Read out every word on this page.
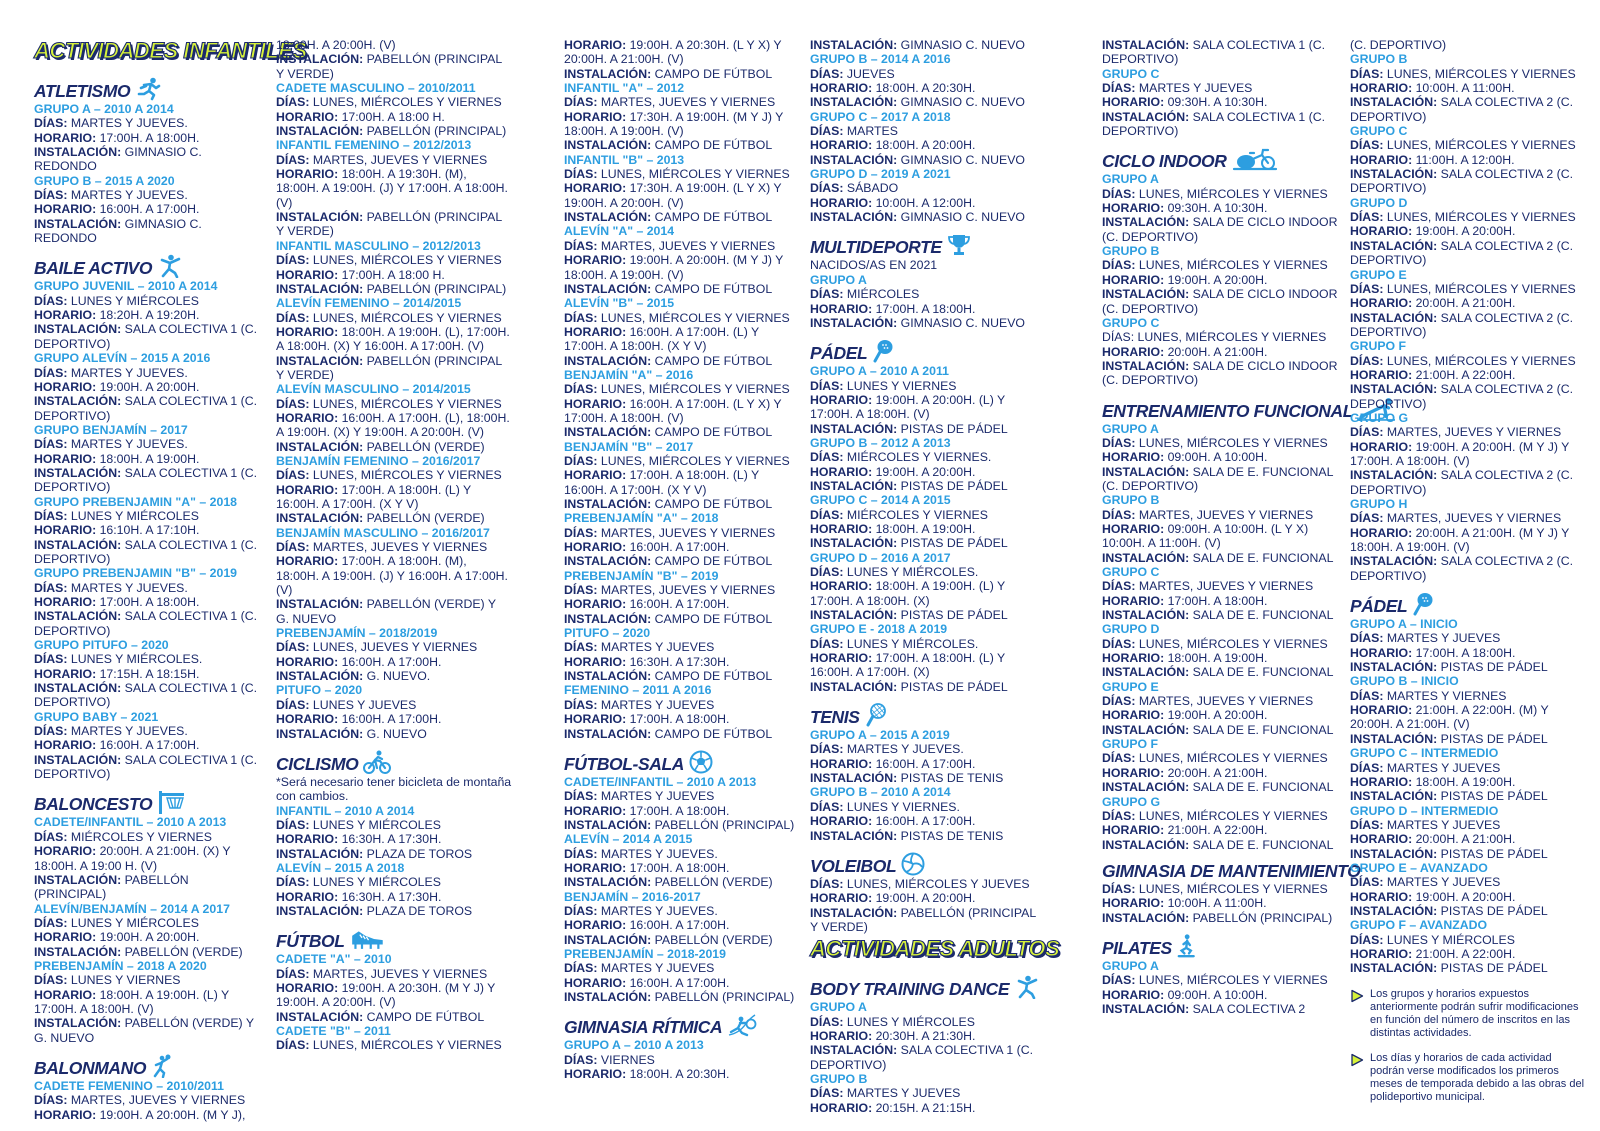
ACTIVIDADES INFANTILES
ATLETISMO
GRUPO A – 2010 A 2014
DÍAS: MARTES Y JUEVES.
HORARIO: 17:00H. A 18:00H.
INSTALACIÓN: GIMNASIO C. REDONDO
GRUPO B – 2015 A 2020
DÍAS: MARTES Y JUEVES.
HORARIO: 16:00H. A 17:00H.
INSTALACIÓN: GIMNASIO C. REDONDO
BAILE ACTIVO
GRUPO JUVENIL – 2010 A 2014
DÍAS: LUNES Y MIÉRCOLES
HORARIO: 18:20H. A 19:20H.
INSTALACIÓN: SALA COLECTIVA 1 (C. DEPORTIVO)
GRUPO ALEVÍN – 2015 A 2016
DÍAS: MARTES Y JUEVES.
HORARIO: 19:00H. A 20:00H.
INSTALACIÓN: SALA COLECTIVA 1 (C. DEPORTIVO)
GRUPO BENJAMÍN – 2017
DÍAS: MARTES Y JUEVES.
HORARIO: 18:00H. A 19:00H.
INSTALACIÓN: SALA COLECTIVA 1 (C. DEPORTIVO)
GRUPO PREBENJAMIN "A" – 2018
DÍAS: LUNES Y MIÉRCOLES
HORARIO: 16:10H. A 17:10H.
INSTALACIÓN: SALA COLECTIVA 1 (C. DEPORTIVO)
GRUPO PREBENJAMIN "B" – 2019
DÍAS: MARTES Y JUEVES.
HORARIO: 17:00H. A 18:00H.
INSTALACIÓN: SALA COLECTIVA 1 (C. DEPORTIVO)
GRUPO PITUFO – 2020
DÍAS: LUNES Y MIÉRCOLES.
HORARIO: 17:15H. A 18:15H.
INSTALACIÓN: SALA COLECTIVA 1 (C. DEPORTIVO)
GRUPO BABY – 2021
DÍAS: MARTES Y JUEVES.
HORARIO: 16:00H. A 17:00H.
INSTALACIÓN: SALA COLECTIVA 1 (C. DEPORTIVO)
BALONCESTO
CADETE/INFANTIL – 2010 A 2013
DÍAS: MIÉRCOLES Y VIERNES
HORARIO: 20:00H. A 21:00H. (X) Y 18:00H. A 19:00 H. (V)
INSTALACIÓN: PABELLÓN (PRINCIPAL)
ALEVÍN/BENJAMÍN – 2014 A 2017
DÍAS: LUNES Y MIÉRCOLES
HORARIO: 19:00H. A 20:00H.
INSTALACIÓN: PABELLÓN (VERDE)
PREBENJAMÍN – 2018 A 2020
DÍAS: LUNES Y VIERNES
HORARIO: 18:00H. A 19:00H. (L) Y 17:00H. A 18:00H. (V)
INSTALACIÓN: PABELLÓN (VERDE) Y G. NUEVO
BALONMANO
CADETE FEMENINO – 2010/2011
DÍAS: MARTES, JUEVES Y VIERNES
HORARIO: 19:00H. A 20:00H. (M Y J),
18:00H. A 20:00H. (V)
INSTALACIÓN: PABELLÓN (PRINCIPAL Y VERDE)
CADETE MASCULINO – 2010/2011
DÍAS: LUNES, MIÉRCOLES Y VIERNES
HORARIO: 17:00H. A 18:00 H.
INSTALACIÓN: PABELLÓN (PRINCIPAL)
INFANTIL FEMENINO – 2012/2013
DÍAS: MARTES, JUEVES Y VIERNES
HORARIO: 18:00H. A 19:30H. (M), 18:00H. A 19:00H. (J) Y 17:00H. A 18:00H. (V)
INSTALACIÓN: PABELLÓN (PRINCIPAL Y VERDE)
INFANTIL MASCULINO – 2012/2013
DÍAS: LUNES, MIÉRCOLES Y VIERNES
HORARIO: 17:00H. A 18:00 H.
INSTALACIÓN: PABELLÓN (PRINCIPAL)
ALEVÍN FEMENINO – 2014/2015
DÍAS: LUNES, MIÉRCOLES Y VIERNES
HORARIO: 18:00H. A 19:00H. (L), 17:00H. A 18:00H. (X) Y 16:00H. A 17:00H. (V)
INSTALACIÓN: PABELLÓN (PRINCIPAL Y VERDE)
ALEVÍN MASCULINO – 2014/2015
DÍAS: LUNES, MIÉRCOLES Y VIERNES
HORARIO: 16:00H. A 17:00H. (L), 18:00H. A 19:00H. (X) Y 19:00H. A 20:00H. (V)
INSTALACIÓN: PABELLÓN (VERDE)
BENJAMÍN FEMENINO – 2016/2017
DÍAS: LUNES, MIÉRCOLES Y VIERNES
HORARIO: 17:00H. A 18:00H. (L) Y 16:00H. A 17:00H. (X Y V)
INSTALACIÓN: PABELLÓN (VERDE)
BENJAMÍN MASCULINO – 2016/2017
DÍAS: MARTES, JUEVES Y VIERNES
HORARIO: 17:00H. A 18:00H. (M), 18:00H. A 19:00H. (J) Y 16:00H. A 17:00H. (V)
INSTALACIÓN: PABELLÓN (VERDE) Y G. NUEVO
PREBENJAMÍN – 2018/2019
DÍAS: LUNES, JUEVES Y VIERNES
HORARIO: 16:00H. A 17:00H.
INSTALACIÓN: G. NUEVO.
PITUFO – 2020
DÍAS: LUNES Y JUEVES
HORARIO: 16:00H. A 17:00H.
INSTALACIÓN: G. NUEVO
CICLISMO
*Será necesario tener bicicleta de montaña con cambios.
INFANTIL – 2010 A 2014
DÍAS: LUNES Y MIÉRCOLES
HORARIO: 16:30H. A 17:30H.
INSTALACIÓN: PLAZA DE TOROS
ALEVÍN – 2015 A 2018
DÍAS: LUNES Y MIÉRCOLES
HORARIO: 16:30H. A 17:30H.
INSTALACIÓN: PLAZA DE TOROS
FÚTBOL
CADETE "A" – 2010
DÍAS: MARTES, JUEVES Y VIERNES
HORARIO: 19:00H. A 20:30H. (M Y J) Y 19:00H. A 20:00H. (V)
INSTALACIÓN: CAMPO DE FÚTBOL
CADETE "B" – 2011
DÍAS: LUNES, MIÉRCOLES Y VIERNES
HORARIO: 19:00H. A 20:30H. (L Y X) Y 20:00H. A 21:00H. (V)
INSTALACIÓN: CAMPO DE FÚTBOL
INFANTIL "A" – 2012
DÍAS: MARTES, JUEVES Y VIERNES
HORARIO: 17:30H. A 19:00H. (M Y J) Y 18:00H. A 19:00H. (V)
INSTALACIÓN: CAMPO DE FÚTBOL
INFANTIL "B" – 2013
DÍAS: LUNES, MIÉRCOLES Y VIERNES
HORARIO: 17:30H. A 19:00H. (L Y X) Y 19:00H. A 20:00H. (V)
INSTALACIÓN: CAMPO DE FÚTBOL
ALEVÍN "A" – 2014
DÍAS: MARTES, JUEVES Y VIERNES
HORARIO: 19:00H. A 20:00H. (M Y J) Y 18:00H. A 19:00H. (V)
INSTALACIÓN: CAMPO DE FÚTBOL
ALEVÍN "B" – 2015
DÍAS: LUNES, MIÉRCOLES Y VIERNES
HORARIO: 16:00H. A 17:00H. (L) Y 17:00H. A 18:00H. (X Y V)
INSTALACIÓN: CAMPO DE FÚTBOL
BENJAMÍN "A" – 2016
DÍAS: LUNES, MIÉRCOLES Y VIERNES
HORARIO: 16:00H. A 17:00H. (L Y X) Y 17:00H. A 18:00H. (V)
INSTALACIÓN: CAMPO DE FÚTBOL
BENJAMÍN "B" – 2017
DÍAS: LUNES, MIÉRCOLES Y VIERNES
HORARIO: 17:00H. A 18:00H. (L) Y 16:00H. A 17:00H. (X Y V)
INSTALACIÓN: CAMPO DE FÚTBOL
PREBENJAMÍN "A" – 2018
DÍAS: MARTES, JUEVES Y VIERNES
HORARIO: 16:00H. A 17:00H.
INSTALACIÓN: CAMPO DE FÚTBOL
PREBENJAMÍN "B" – 2019
DÍAS: MARTES, JUEVES Y VIERNES
HORARIO: 16:00H. A 17:00H.
INSTALACIÓN: CAMPO DE FÚTBOL
PITUFO – 2020
DÍAS: MARTES Y JUEVES
HORARIO: 16:30H. A 17:30H.
INSTALACIÓN: CAMPO DE FÚTBOL
FEMENINO – 2011 A 2016
DÍAS: MARTES Y JUEVES
HORARIO: 17:00H. A 18:00H.
INSTALACIÓN: CAMPO DE FÚTBOL
FÚTBOL-SALA
CADETE/INFANTIL – 2010 A 2013
DÍAS: MARTES Y JUEVES
HORARIO: 17:00H. A 18:00H.
INSTALACIÓN: PABELLÓN (PRINCIPAL)
ALEVÍN – 2014 A 2015
DÍAS: MARTES Y JUEVES.
HORARIO: 17:00H. A 18:00H.
INSTALACIÓN: PABELLÓN (VERDE)
BENJAMÍN – 2016-2017
DÍAS: MARTES Y JUEVES.
HORARIO: 16:00H. A 17:00H.
INSTALACIÓN: PABELLÓN (VERDE)
PREBENJAMÍN – 2018-2019
DÍAS: MARTES Y JUEVES
HORARIO: 16:00H. A 17:00H.
INSTALACIÓN: PABELLÓN (PRINCIPAL)
GIMNASIA RÍTMICA
GRUPO A – 2010 A 2013
DÍAS: VIERNES
HORARIO: 18:00H. A 20:30H.
INSTALACIÓN: GIMNASIO C. NUEVO
GRUPO B – 2014 A 2016
DÍAS: JUEVES
HORARIO: 18:00H. A 20:30H.
INSTALACIÓN: GIMNASIO C. NUEVO
GRUPO C – 2017 A 2018
DÍAS: MARTES
HORARIO: 18:00H. A 20:00H.
INSTALACIÓN: GIMNASIO C. NUEVO
GRUPO D – 2019 A 2021
DÍAS: SÁBADO
HORARIO: 10:00H. A 12:00H.
INSTALACIÓN: GIMNASIO C. NUEVO
MULTIDEPORTE
NACIDOS/AS EN 2021
GRUPO A
DÍAS: MIÉRCOLES
HORARIO: 17:00H. A 18:00H.
INSTALACIÓN: GIMNASIO C. NUEVO
PÁDEL
GRUPO A – 2010 A 2011
DÍAS: LUNES Y VIERNES
HORARIO: 19:00H. A 20:00H. (L) Y 17:00H. A 18:00H. (V)
INSTALACIÓN: PISTAS DE PÁDEL
GRUPO B – 2012 A 2013
DÍAS: MIÉRCOLES Y VIERNES.
HORARIO: 19:00H. A 20:00H.
INSTALACIÓN: PISTAS DE PÁDEL
GRUPO C – 2014 A 2015
DÍAS: MIÉRCOLES Y VIERNES
HORARIO: 18:00H. A 19:00H.
INSTALACIÓN: PISTAS DE PÁDEL
GRUPO D – 2016 A 2017
DÍAS: LUNES Y MIÉRCOLES.
HORARIO: 18:00H. A 19:00H. (L) Y 17:00H. A 18:00H. (X)
INSTALACIÓN: PISTAS DE PÁDEL
GRUPO E - 2018 A 2019
DÍAS: LUNES Y MIÉRCOLES.
HORARIO: 17:00H. A 18:00H. (L) Y 16:00H. A 17:00H. (X)
INSTALACIÓN: PISTAS DE PÁDEL
TENIS
GRUPO A – 2015 A 2019
DÍAS: MARTES Y JUEVES.
HORARIO: 16:00H. A 17:00H.
INSTALACIÓN: PISTAS DE TENIS
GRUPO B – 2010 A 2014
DÍAS: LUNES Y VIERNES.
HORARIO: 16:00H. A 17:00H.
INSTALACIÓN: PISTAS DE TENIS
VOLEIBOL
DÍAS: LUNES, MIÉRCOLES Y JUEVES
HORARIO: 19:00H. A 20:00H.
INSTALACIÓN: PABELLÓN (PRINCIPAL Y VERDE)
ACTIVIDADES ADULTOS
BODY TRAINING DANCE
GRUPO A
DÍAS: LUNES Y MIÉRCOLES
HORARIO: 20:30H. A 21:30H.
INSTALACIÓN: SALA COLECTIVA 1 (C. DEPORTIVO)
GRUPO B
DÍAS: MARTES Y JUEVES
HORARIO: 20:15H. A 21:15H.
INSTALACIÓN: SALA COLECTIVA 1 (C. DEPORTIVO)
GRUPO C
DÍAS: MARTES Y JUEVES
HORARIO: 09:30H. A 10:30H.
INSTALACIÓN: SALA COLECTIVA 1 (C. DEPORTIVO)
CICLO INDOOR
GRUPO A
DÍAS: LUNES, MIÉRCOLES Y VIERNES
HORARIO: 09:30H. A 10:30H.
INSTALACIÓN: SALA DE CICLO INDOOR (C. DEPORTIVO)
GRUPO B
DÍAS: LUNES, MIÉRCOLES Y VIERNES
HORARIO: 19:00H. A 20:00H.
INSTALACIÓN: SALA DE CICLO INDOOR (C. DEPORTIVO)
GRUPO C
DÍAS: LUNES, MIÉRCOLES Y VIERNES
HORARIO: 20:00H. A 21:00H.
INSTALACIÓN: SALA DE CICLO INDOOR (C. DEPORTIVO)
ENTRENAMIENTO FUNCIONAL
GRUPO A
DÍAS: LUNES, MIÉRCOLES Y VIERNES
HORARIO: 09:00H. A 10:00H.
INSTALACIÓN: SALA DE E. FUNCIONAL (C. DEPORTIVO)
GRUPO B
DÍAS: MARTES, JUEVES Y VIERNES
HORARIO: 09:00H. A 10:00H. (L Y X) 10:00H. A 11:00H. (V)
INSTALACIÓN: SALA DE E. FUNCIONAL
GRUPO C
DÍAS: MARTES, JUEVES Y VIERNES
HORARIO: 17:00H. A 18:00H.
INSTALACIÓN: SALA DE E. FUNCIONAL
GRUPO D
DÍAS: LUNES, MIÉRCOLES Y VIERNES
HORARIO: 18:00H. A 19:00H.
INSTALACIÓN: SALA DE E. FUNCIONAL
GRUPO E
DÍAS: MARTES, JUEVES Y VIERNES
HORARIO: 19:00H. A 20:00H.
INSTALACIÓN: SALA DE E. FUNCIONAL
GRUPO F
DÍAS: LUNES, MIÉRCOLES Y VIERNES
HORARIO: 20:00H. A 21:00H.
INSTALACIÓN: SALA DE E. FUNCIONAL
GRUPO G
DÍAS: LUNES, MIÉRCOLES Y VIERNES
HORARIO: 21:00H. A 22:00H.
INSTALACIÓN: SALA DE E. FUNCIONAL
GIMNASIA DE MANTENIMIENTO
DÍAS: LUNES, MIÉRCOLES Y VIERNES
HORARIO: 10:00H. A 11:00H.
INSTALACIÓN: PABELLÓN (PRINCIPAL)
PILATES
GRUPO A
DÍAS: LUNES, MIÉRCOLES Y VIERNES
HORARIO: 09:00H. A 10:00H.
INSTALACIÓN: SALA COLECTIVA 2
(C. DEPORTIVO)
GRUPO B
DÍAS: LUNES, MIÉRCOLES Y VIERNES
HORARIO: 10:00H. A 11:00H.
INSTALACIÓN: SALA COLECTIVA 2 (C. DEPORTIVO)
GRUPO C
DÍAS: LUNES, MIÉRCOLES Y VIERNES
HORARIO: 11:00H. A 12:00H.
INSTALACIÓN: SALA COLECTIVA 2 (C. DEPORTIVO)
GRUPO D
DÍAS: LUNES, MIÉRCOLES Y VIERNES
HORARIO: 19:00H. A 20:00H.
INSTALACIÓN: SALA COLECTIVA 2 (C. DEPORTIVO)
GRUPO E
DÍAS: LUNES, MIÉRCOLES Y VIERNES
HORARIO: 20:00H. A 21:00H.
INSTALACIÓN: SALA COLECTIVA 2 (C. DEPORTIVO)
GRUPO F
DÍAS: LUNES, MIÉRCOLES Y VIERNES
HORARIO: 21:00H. A 22:00H.
INSTALACIÓN: SALA COLECTIVA 2 (C. DEPORTIVO)
GRUPO G
DÍAS: MARTES, JUEVES Y VIERNES
HORARIO: 19:00H. A 20:00H. (M Y J) Y 17:00H. A 18:00H. (V)
INSTALACIÓN: SALA COLECTIVA 2 (C. DEPORTIVO)
GRUPO H
DÍAS: MARTES, JUEVES Y VIERNES
HORARIO: 20:00H. A 21:00H. (M Y J) Y 18:00H. A 19:00H. (V)
INSTALACIÓN: SALA COLECTIVA 2 (C. DEPORTIVO)
PÁDEL
GRUPO A – INICIO
DÍAS: MARTES Y JUEVES
HORARIO: 17:00H. A 18:00H.
INSTALACIÓN: PISTAS DE PÁDEL
GRUPO B – INICIO
DÍAS: MARTES Y VIERNES
HORARIO: 21:00H. A 22:00H. (M) Y 20:00H. A 21:00H. (V)
INSTALACIÓN: PISTAS DE PÁDEL
GRUPO C – INTERMEDIO
DÍAS: MARTES Y JUEVES
HORARIO: 18:00H. A 19:00H.
INSTALACIÓN: PISTAS DE PÁDEL
GRUPO D – INTERMEDIO
DÍAS: MARTES Y JUEVES
HORARIO: 20:00H. A 21:00H.
INSTALACIÓN: PISTAS DE PÁDEL
GRUPO E – AVANZADO
DÍAS: MARTES Y JUEVES
HORARIO: 19:00H. A 20:00H.
INSTALACIÓN: PISTAS DE PÁDEL
GRUPO F – AVANZADO
DÍAS: LUNES Y MIÉRCOLES
HORARIO: 21:00H. A 22:00H.
INSTALACIÓN: PISTAS DE PÁDEL
Los grupos y horarios expuestos anteriormente podrán sufrir modificaciones en función del número de inscritos en las distintas actividades.
Los días y horarios de cada actividad podrán verse modificados los primeros meses de temporada debido a las obras del polideportivo municipal.
